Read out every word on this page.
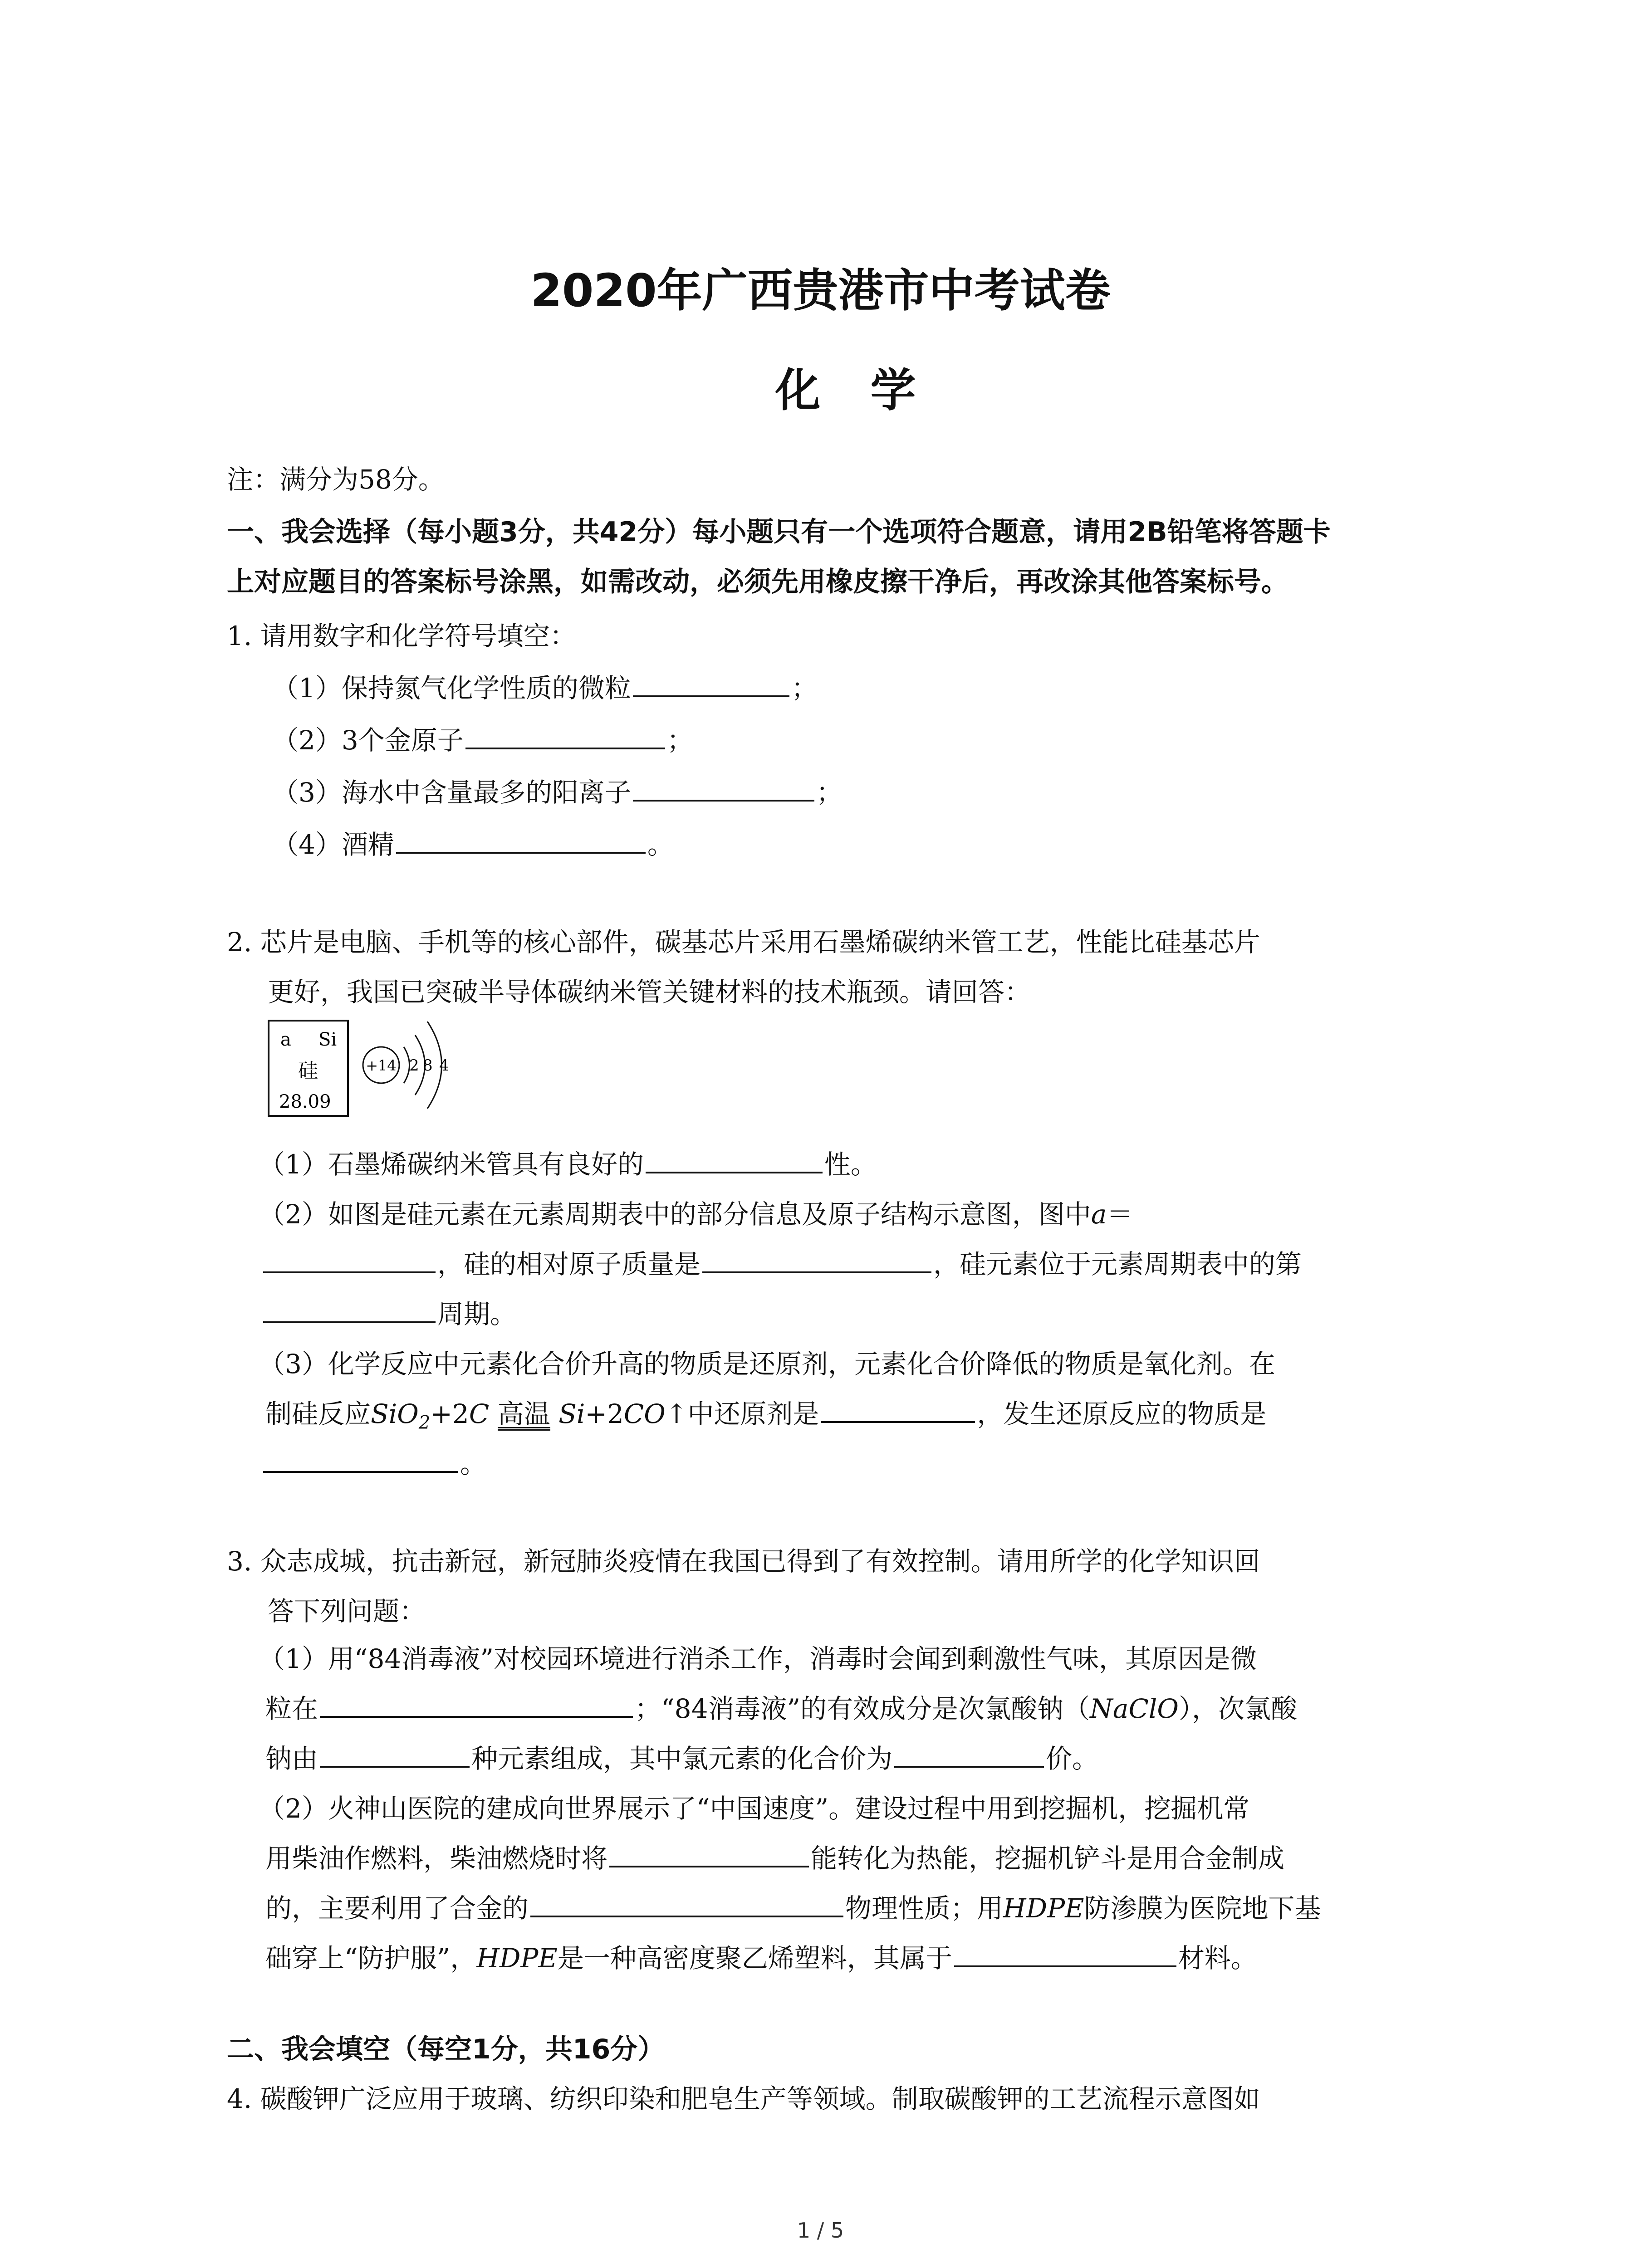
2020年广西贵港市中考试卷
化学
注：满分为58分。
一、我会选择（每小题3分，共42分）每小题只有一个选项符合题意，请用2B铅笔将答题卡
上对应题目的答案标号涂黑，如需改动，必须先用橡皮擦干净后，再改涂其他答案标号。
1. 请用数字和化学符号填空：
（1）保持氮气化学性质的微粒	；
（2）3个金原子	；
（3）海水中含量最多的阳离子	；
（4）酒精	。
2. 芯片是电脑、手机等的核心部件，碳基芯片采用石墨烯碳纳米管工艺，性能比硅基芯片
更好，我国已突破半导体碳纳米管关键材料的技术瓶颈。请回答：
a Si
硅
28.09
+14 2 8 4
（1）石墨烯碳纳米管具有良好的	性。
（2）如图是硅元素在元素周期表中的部分信息及原子结构示意图，图中a＝
，硅的相对原子质量是	，硅元素位于元素周期表中的第
周期。
（3）化学反应中元素化合价升高的物质是还原剂，元素化合价降低的物质是氧化剂。在
制硅反应SiO$_2$+2C 高温 Si+2CO↑中还原剂是	，发生还原反应的物质是
。
3. 众志成城，抗击新冠，新冠肺炎疫情在我国已得到了有效控制。请用所学的化学知识回
答下列问题：
（1）用“84消毒液”对校园环境进行消杀工作，消毒时会闻到剩激性气味，其原因是微
粒在	；“84消毒液”的有效成分是次氯酸钠（NaClO），次氯酸
钠由	种元素组成，其中氯元素的化合价为	价。
（2）火神山医院的建成向世界展示了“中国速度”。建设过程中用到挖掘机，挖掘机常
用柴油作燃料，柴油燃烧时将	能转化为热能，挖掘机铲斗是用合金制成
的，主要利用了合金的	物理性质；用HDPE防渗膜为医院地下基
础穿上“防护服”，HDPE是一种高密度聚乙烯塑料，其属于	材料。
二、我会填空（每空1分，共16分）
4. 碳酸钾广泛应用于玻璃、纺织印染和肥皂生产等领域。制取碳酸钾的工艺流程示意图如
1 / 5
